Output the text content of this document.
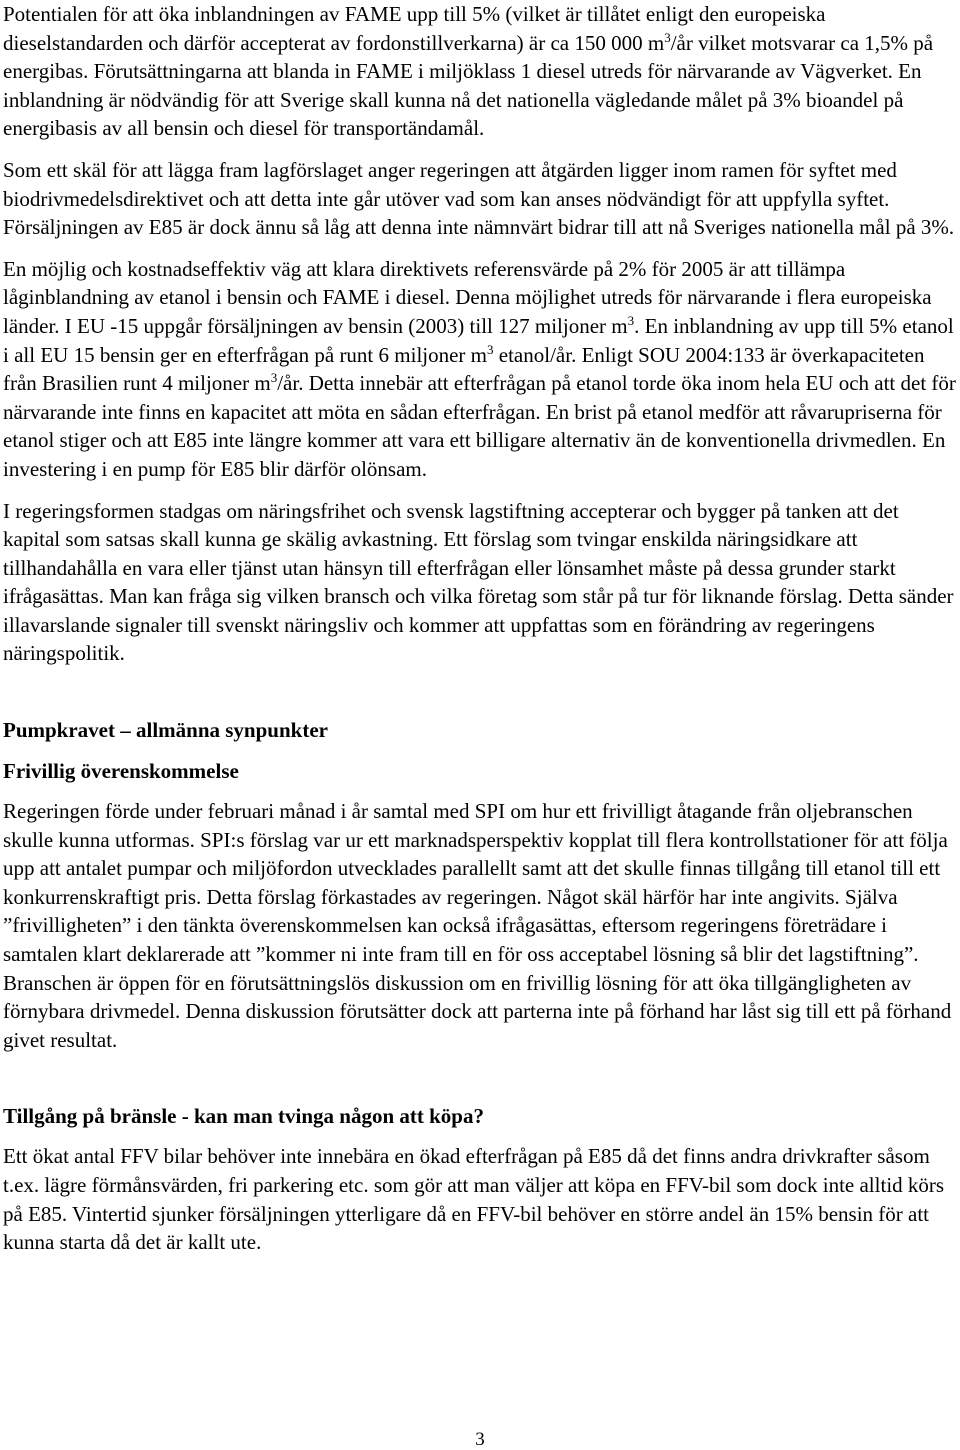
Potentialen för att öka inblandningen av FAME upp till 5% (vilket är tillåtet enligt den europeiska dieselstandarden och därför accepterat av fordonstillverkarna) är ca 150 000 $m^3/år$ vilket motsvarar ca 1,5% på energibas. Förutsättningarna att blanda in FAME i miljöklass 1 diesel utreds för närvarande av Vägverket. En inblandning är nödvändig för att Sverige skall kunna nå det nationella vägledande målet på 3% bioandel på energibasis av all bensin och diesel för transportändamål.

Som ett skäl för att lägga fram lagförslaget anger regeringen att åtgärden ligger inom ramen för syftet med biodrivmedelsdirektivet och att detta inte går utöver vad som kan anses nödvändigt för att uppfylla syftet. Försäljningen av E85 är dock ännu så låg att denna inte nämnvärt bidrar till att nå Sveriges nationella mål på 3%.

En möjlig och kostnadseffektiv väg att klara direktivets referensvärde på 2% för 2005 är att tillämpa låginblandning av etanol i bensin och FAME i diesel. Denna möjlighet utreds för närvarande i flera europeiska länder. I EU -15 uppgår försäljningen av bensin (2003) till 127 miljoner $m^3$. En inblandning av upp till 5% etanol i all EU 15 bensin ger en efterfrågan på runt 6 miljoner $m^3$ etanol/år. Enligt SOU 2004:133 är överkapaciteten från Brasilien runt 4 miljoner $m^3/år$. Detta innebär att efterfrågan på etanol torde öka inom hela EU och att det för närvarande inte finns en kapacitet att möta en sådan efterfrågan. En brist på etanol medför att råvarupriserna för etanol stiger och att E85 inte längre kommer att vara ett billigare alternativ än de konventionella drivmedlen. En investering i en pump för E85 blir därför olönsam.

I regeringsformen stadgas om näringsfrihet och svensk lagstiftning accepterar och bygger på tanken att det kapital som satsas skall kunna ge skälig avkastning. Ett förslag som tvingar enskilda näringsidkare att tillhandahålla en vara eller tjänst utan hänsyn till efterfrågan eller lönsamhet måste på dessa grunder starkt ifrågasättas. Man kan fråga sig vilken bransch och vilka företag som står på tur för liknande förslag. Detta sänder illavarslande signaler till svenskt näringsliv och kommer att uppfattas som en förändring av regeringens näringspolitik.

Pumpkravet – allmänna synpunkter
Frivillig överenskommelse

Regeringen förde under februari månad i år samtal med SPI om hur ett frivilligt åtagande från oljebranschen skulle kunna utformas. SPI:s förslag var ur ett marknadsperspektiv kopplat till flera kontrollstationer för att följa upp att antalet pumpar och miljöfordon utvecklades parallellt samt att det skulle finnas tillgång till etanol till ett konkurrenskraftigt pris. Detta förslag förkastades av regeringen. Något skäl härför har inte angivits. Själva ”frivilligheten” i den tänkta överenskommelsen kan också ifrågasättas, eftersom regeringens företrädare i samtalen klart deklarerade att ”kommer ni inte fram till en för oss acceptabel lösning så blir det lagstiftning”. Branschen är öppen för en förutsättningslös diskussion om en frivillig lösning för att öka tillgängligheten av förnybara drivmedel. Denna diskussion förutsätter dock att parterna inte på förhand har låst sig till ett på förhand givet resultat.

Tillgång på bränsle - kan man tvinga någon att köpa?

Ett ökat antal FFV bilar behöver inte innebära en ökad efterfrågan på E85 då det finns andra drivkrafter såsom t.ex. lägre förmånsvärden, fri parkering etc. som gör att man väljer att köpa en FFV-bil som dock inte alltid körs på E85. Vintertid sjunker försäljningen ytterligare då en FFV-bil behöver en större andel än 15% bensin för att kunna starta då det är kallt ute.

3
